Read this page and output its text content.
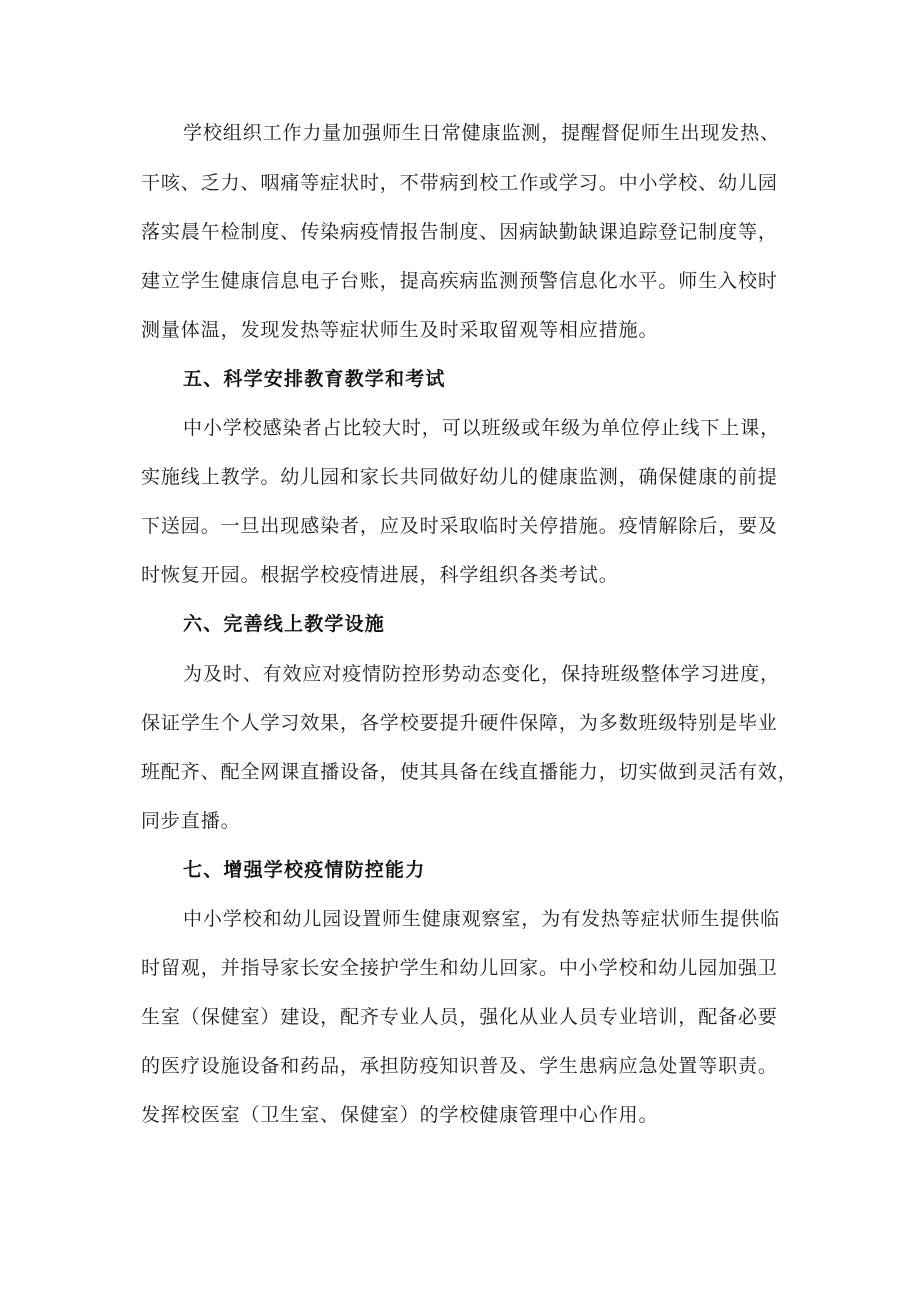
学校组织工作力量加强师生日常健康监测，提醒督促师生出现发热、
干咳、乏力、咽痛等症状时，不带病到校工作或学习。中小学校、幼儿园
落实晨午检制度、传染病疫情报告制度、因病缺勤缺课追踪登记制度等，
建立学生健康信息电子台账，提高疾病监测预警信息化水平。师生入校时
测量体温，发现发热等症状师生及时采取留观等相应措施。
五、科学安排教育教学和考试
中小学校感染者占比较大时，可以班级或年级为单位停止线下上课，
实施线上教学。幼儿园和家长共同做好幼儿的健康监测，确保健康的前提
下送园。一旦出现感染者，应及时采取临时关停措施。疫情解除后，要及
时恢复开园。根据学校疫情进展，科学组织各类考试。
六、完善线上教学设施
为及时、有效应对疫情防控形势动态变化，保持班级整体学习进度，
保证学生个人学习效果，各学校要提升硬件保障，为多数班级特别是毕业
班配齐、配全网课直播设备，使其具备在线直播能力，切实做到灵活有效，
同步直播。
七、增强学校疫情防控能力
中小学校和幼儿园设置师生健康观察室，为有发热等症状师生提供临
时留观，并指导家长安全接护学生和幼儿回家。中小学校和幼儿园加强卫
生室（保健室）建设，配齐专业人员，强化从业人员专业培训，配备必要
的医疗设施设备和药品，承担防疫知识普及、学生患病应急处置等职责。
发挥校医室（卫生室、保健室）的学校健康管理中心作用。
